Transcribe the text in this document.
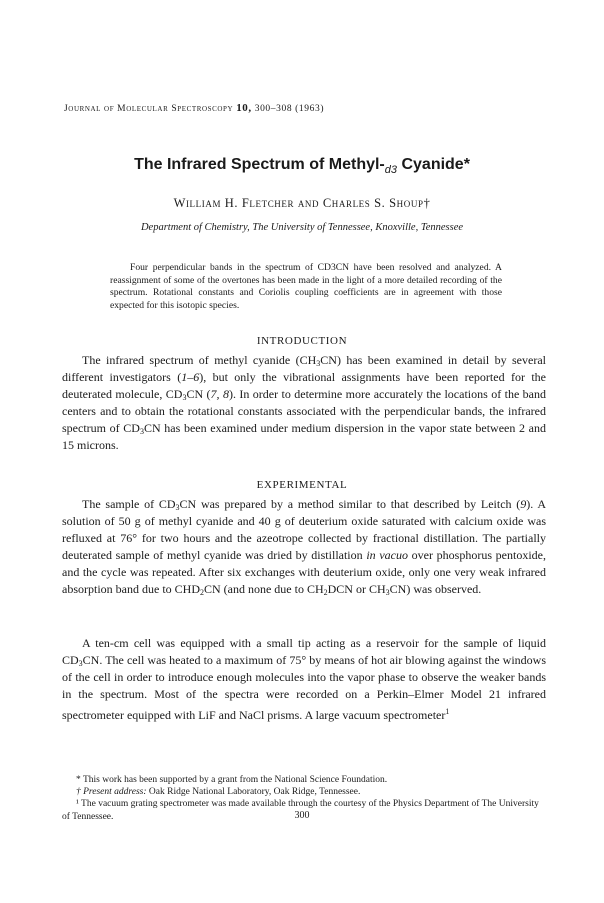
Journal of Molecular Spectroscopy 10, 300–308 (1963)
The Infrared Spectrum of Methyl-$_{d3}$ Cyanide*
William H. Fletcher and Charles S. Shoup†
Department of Chemistry, The University of Tennessee, Knoxville, Tennessee

Four perpendicular bands in the spectrum of CD3CN have been resolved and analyzed. A reassignment of some of the overtones has been made in the light of a more detailed recording of the spectrum. Rotational constants and Coriolis coupling coefficients are in agreement with those expected for this isotopic species.

INTRODUCTION

The infrared spectrum of methyl cyanide $(CH_3CN)$ has been examined in detail by several different investigators (1–6), but only the vibrational assignments have been reported for the deuterated molecule, $CD_3CN$ (7, 8). In order to determine more accurately the locations of the band centers and to obtain the rotational constants associated with the perpendicular bands, the infrared spectrum of $CD_3CN$ has been examined under medium dispersion in the vapor state between 2 and 15 microns.

EXPERIMENTAL

The sample of $CD_3CN$ was prepared by a method similar to that described by Leitch (9). A solution of 50 g of methyl cyanide and 40 g of deuterium oxide saturated with calcium oxide was refluxed at 76° for two hours and the azeotrope collected by fractional distillation. The partially deuterated sample of methyl cyanide was dried by distillation in vacuo over phosphorus pentoxide, and the cycle was repeated. After six exchanges with deuterium oxide, only one very weak infrared absorption band due to $CHD_2CN$ (and none due to $CH_2DCN$ or $CH_3CN$) was observed.

A ten-cm cell was equipped with a small tip acting as a reservoir for the sample of liquid $CD_3CN$. The cell was heated to a maximum of 75° by means of hot air blowing against the windows of the cell in order to introduce enough molecules into the vapor phase to observe the weaker bands in the spectrum. Most of the spectra were recorded on a Perkin–Elmer Model 21 infrared spectrometer equipped with LiF and NaCl prisms. A large vacuum spectrometer$^1$

* This work has been supported by a grant from the National Science Foundation.
† Present address: Oak Ridge National Laboratory, Oak Ridge, Tennessee.
¹ The vacuum grating spectrometer was made available through the courtesy of the Physics Department of The University of Tennessee.	300
